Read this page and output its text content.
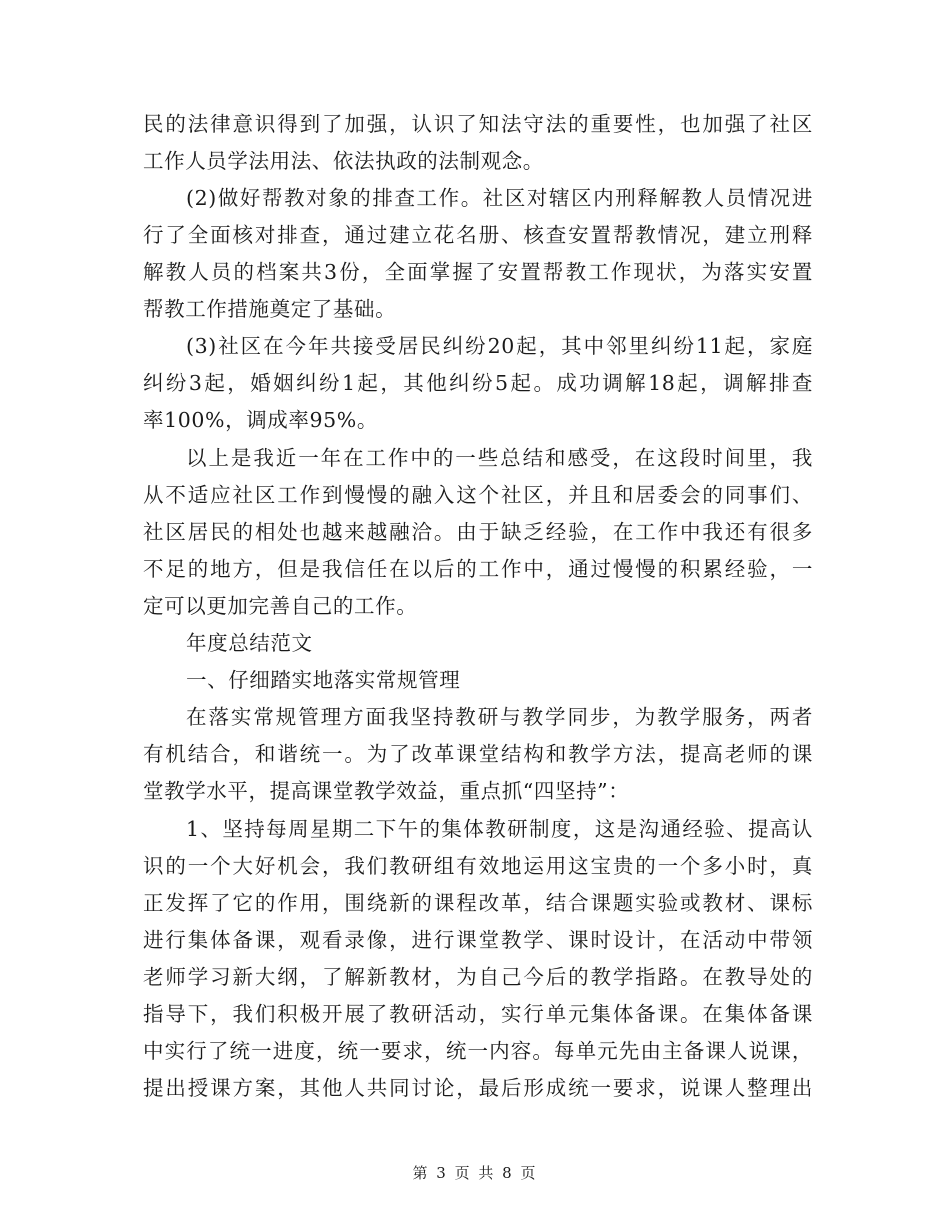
民的法律意识得到了加强，认识了知法守法的重要性，也加强了社区
工作人员学法用法、依法执政的法制观念。
(2)做好帮教对象的排查工作。社区对辖区内刑释解教人员情况进
行了全面核对排查，通过建立花名册、核查安置帮教情况，建立刑释
解教人员的档案共3份，全面掌握了安置帮教工作现状，为落实安置
帮教工作措施奠定了基础。
(3)社区在今年共接受居民纠纷20起，其中邻里纠纷11起，家庭
纠纷3起，婚姻纠纷1起，其他纠纷5起。成功调解18起，调解排查
率100%，调成率95%。
以上是我近一年在工作中的一些总结和感受，在这段时间里，我
从不适应社区工作到慢慢的融入这个社区，并且和居委会的同事们、
社区居民的相处也越来越融洽。由于缺乏经验，在工作中我还有很多
不足的地方，但是我信任在以后的工作中，通过慢慢的积累经验，一
定可以更加完善自己的工作。
年度总结范文
一、仔细踏实地落实常规管理
在落实常规管理方面我坚持教研与教学同步，为教学服务，两者
有机结合，和谐统一。为了改革课堂结构和教学方法，提高老师的课
堂教学水平，提高课堂教学效益，重点抓“四坚持”：
1、坚持每周星期二下午的集体教研制度，这是沟通经验、提高认
识的一个大好机会，我们教研组有效地运用这宝贵的一个多小时，真
正发挥了它的作用，围绕新的课程改革，结合课题实验或教材、课标
进行集体备课，观看录像，进行课堂教学、课时设计，在活动中带领
老师学习新大纲，了解新教材，为自己今后的教学指路。在教导处的
指导下，我们积极开展了教研活动，实行单元集体备课。在集体备课
中实行了统一进度，统一要求，统一内容。每单元先由主备课人说课，
提出授课方案，其他人共同讨论，最后形成统一要求，说课人整理出
第 3 页 共 8 页
